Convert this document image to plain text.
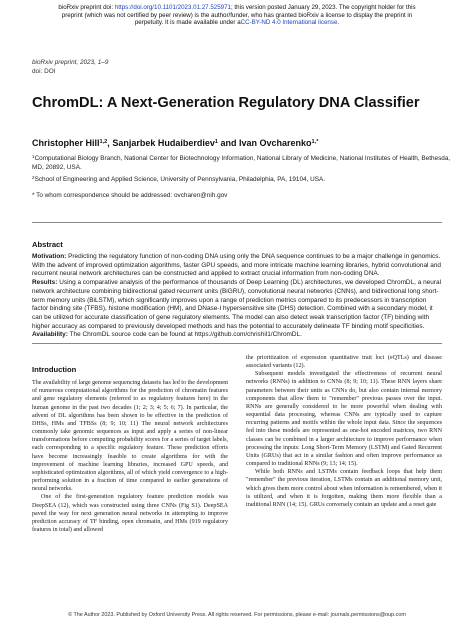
bioRxiv preprint doi: https://doi.org/10.1101/2023.01.27.525971; this version posted January 29, 2023. The copyright holder for this
preprint (which was not certified by peer review) is the author/funder, who has granted bioRxiv a license to display the preprint in
perpetuity. It is made available under aCC-BY-ND 4.0 International license.
bioRxiv preprint, 2023, 1–9
doi: DOI
ChromDL: A Next-Generation Regulatory DNA Classifier
Christopher Hill$^{1,2}$, Sanjarbek Hudaiberdiev$^1$ and Ivan Ovcharenko$^{1,*}$

$^1$Computational Biology Branch, National Center for Biotechnology Information, National Library of Medicine, National Institutes of Health, Bethesda, MD, 20892, USA.

$^2$School of Engineering and Applied Science, University of Pennsylvania, Philadelphia, PA, 19104, USA.

* To whom correspondence should be addressed: ovcharen@nih.gov
Abstract

Motivation: Predicting the regulatory function of non-coding DNA using only the DNA sequence continues to be a major challenge in genomics. With the advent of improved optimization algorithms, faster GPU speeds, and more intricate machine learning libraries, hybrid convolutional and recurrent neural network architectures can be constructed and applied to extract crucial information from non-coding DNA.

Results: Using a comparative analysis of the performance of thousands of Deep Learning (DL) architectures, we developed ChromDL, a neural network architecture combining bidirectional gated recurrent units (BiGRU), convolutional neural networks (CNNs), and bidirectional long short-term memory units (BiLSTM), which significantly improves upon a range of prediction metrics compared to its predecessors in transcription factor binding site (TFBS), histone modification (HM), and DNase-I hypersensitive site (DHS) detection. Combined with a secondary model, it can be utilized for accurate classification of gene regulatory elements. The model can also detect weak transcription factor (TF) binding with higher accuracy as compared to previously developed methods and has the potential to accurately delineate TF binding motif specificities.

Availability: The ChromDL source code can be found at https://github.com/chrishil1/ChromDL.

Introduction

The availability of large genome sequencing datasets has led to the development of numerous computational algorithms for the prediction of chromatin features and gene regulatory elements (referred to as regulatory features here) in the human genome in the past two decades (1; 2; 3; 4; 5; 6; 7). In particular, the advent of DL algorithms has been shown to be effective in the prediction of DHSs, HMs and TFBSs (8; 9; 10; 11) The neural network architectures commonly take genomic sequences as input and apply a series of non-linear transformations before computing probability scores for a series of target labels, each corresponding to a specific regulatory feature. These prediction efforts have become increasingly feasible to create algorithms for with the improvement of machine learning libraries, increased GPU speeds, and sophisticated optimization algorithms, all of which yield convergence to a high-performing solution in a fraction of time compared to earlier generations of neural networks.

One of the first-generation regulatory feature prediction models was DeepSEA (12), which was constructed using three CNNs (Fig S1). DeepSEA paved the way for next generation neural networks in attempting to improve prediction accuracy of TF binding, open chromatin, and HMs (919 regulatory features in total) and allowed

the prioritization of expression quantitative trait loci (eQTLs) and disease associated variants (12).

Subsequent models investigated the effectiveness of recurrent neural networks (RNNs) in addition to CNNs (8; 9; 10; 11). These RNN layers share parameters between their units as CNNs do, but also contain internal memory components that allow them to "remember" previous passes over the input. RNNs are generally considered to be more powerful when dealing with sequential data processing, whereas CNNs are typically used to capture recurring patterns and motifs within the whole input data. Since the sequences fed into these models are represented as one-hot encoded matrices, two RNN classes can be combined in a larger architecture to improve performance when processing the inputs: Long Short-Term Memory (LSTM) and Gated Recurrent Units (GRUs) that act in a similar fashion and often improve performance as compared to traditional RNNs (9; 13; 14; 15).

While both RNNs and LSTMs contain feedback loops that help them "remember" the previous iteration, LSTMs contain an additional memory unit, which gives them more control about when information is remembered, when it is utilized, and when it is forgotten, making them more flexible than a traditional RNN (14; 15). GRUs conversely contain an update and a reset gate

© The Author 2023. Published by Oxford University Press. All rights reserved. For permissions, please e-mail: journals.permissions@oup.com
